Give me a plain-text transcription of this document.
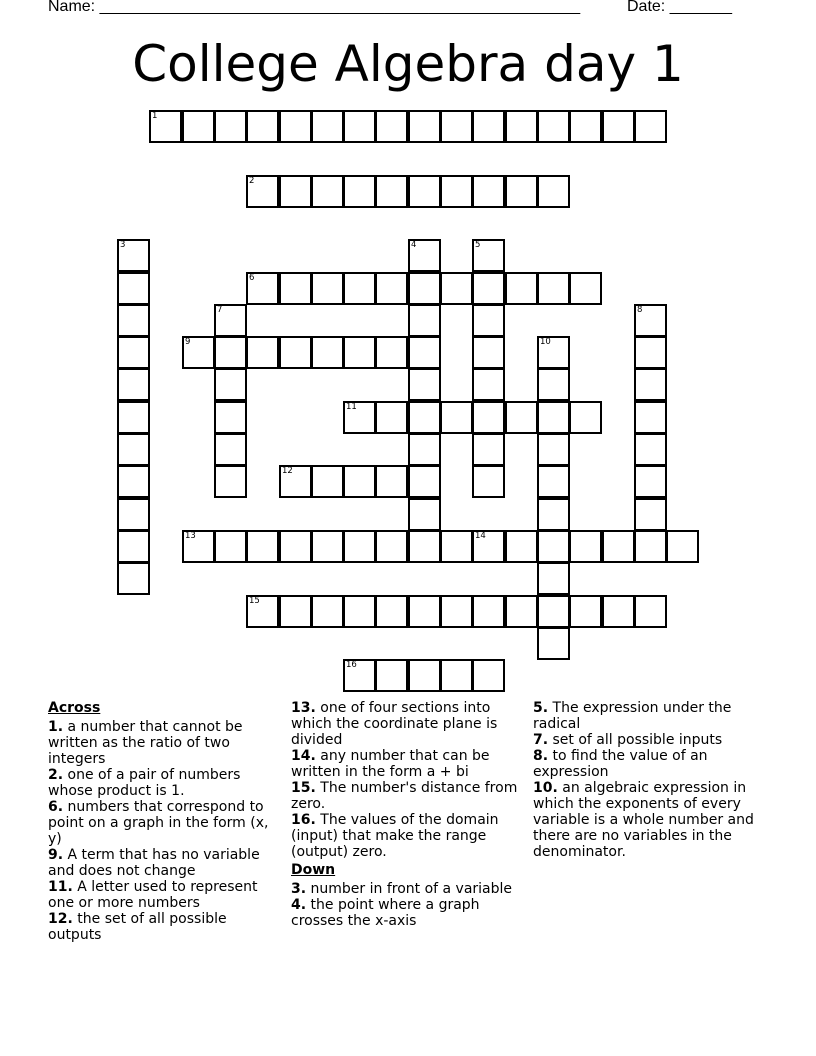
Name: ______________________________________________________	Date: _______
College Algebra day 1
1
2
3	4	5
6
7	8
9	10
11
12
13	14
15
16
Across
1. a number that cannot be written as the ratio of two integers
2. one of a pair of numbers whose product is 1.
6. numbers that correspond to point on a graph in the form (x, y)
9. A term that has no variable and does not change
11. A letter used to represent one or more numbers
12. the set of all possible outputs
13. one of four sections into which the coordinate plane is divided
14. any number that can be written in the form a + bi
15. The number's distance from zero.
16. The values of the domain (input) that make the range (output) zero.
Down
3. number in front of a variable
4. the point where a graph crosses the x-axis
5. The expression under the radical
7. set of all possible inputs
8. to find the value of an expression
10. an algebraic expression in which the exponents of every variable is a whole number and there are no variables in the denominator.
